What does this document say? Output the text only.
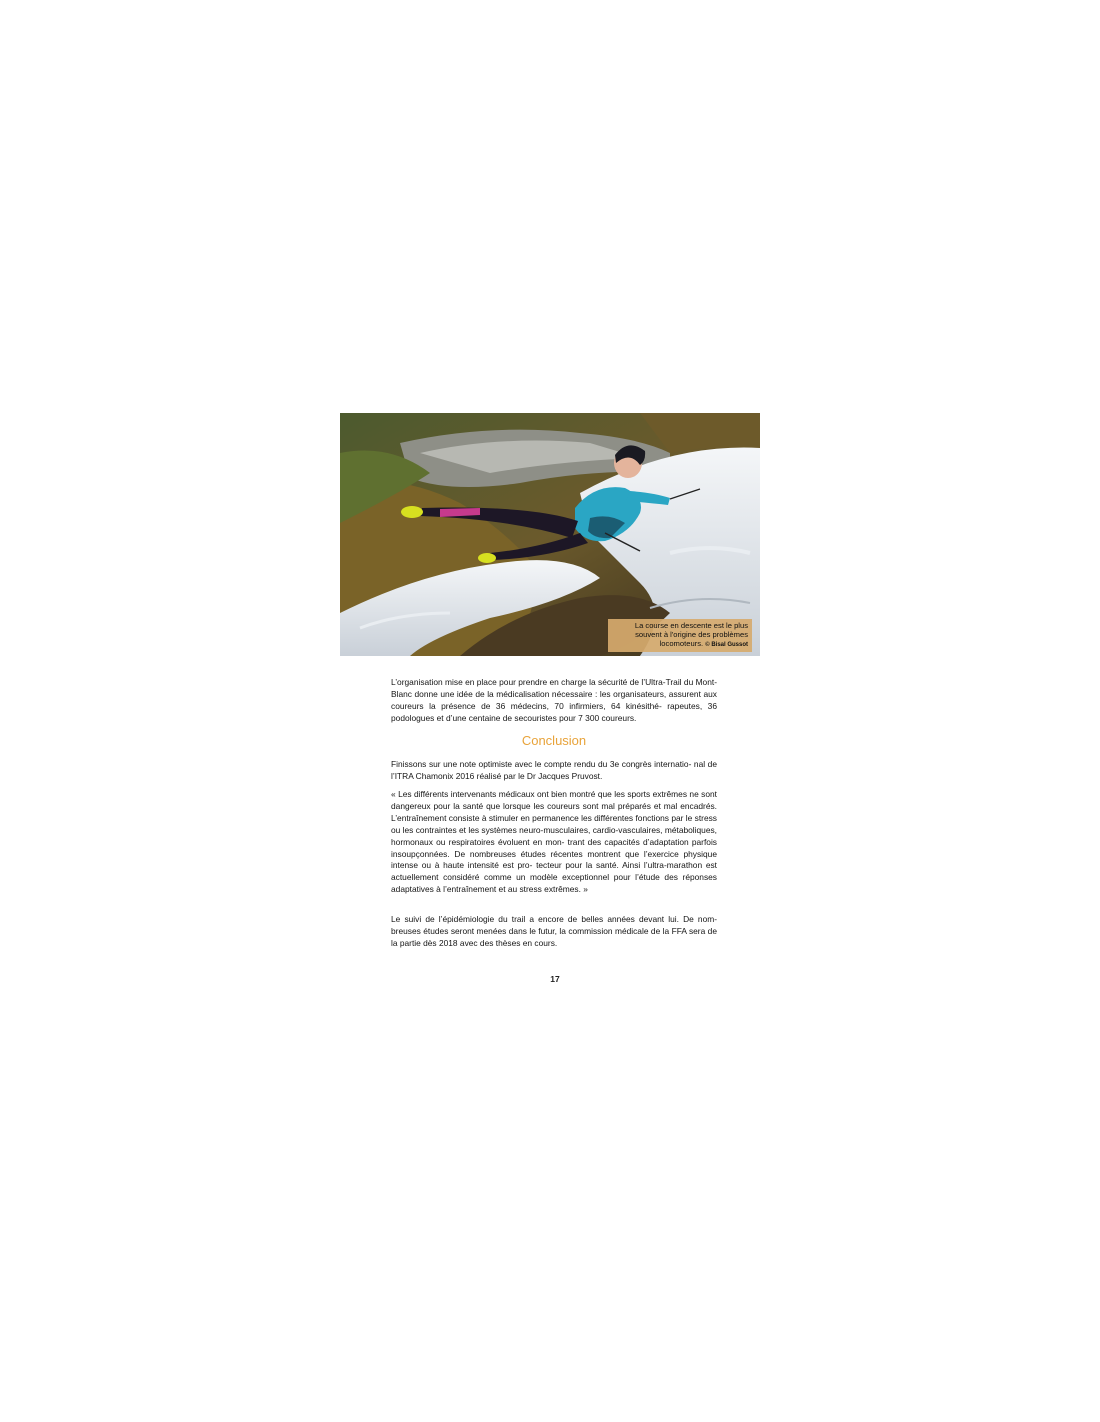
La course en descente est le plus souvent à l'origine des problèmes locomoteurs. © Bisal Gussot

L’organisation mise en place pour prendre en charge la sécurité de l’Ultra-Trail du Mont-Blanc donne une idée de la médicalisation nécessaire : les organisateurs, assurent aux coureurs la présence de 36 médecins, 70 infirmiers, 64 kinésithé- rapeutes, 36 podologues et d’une centaine de secouristes pour 7 300 coureurs.

Conclusion

Finissons sur une note optimiste avec le compte rendu du 3e congrès internatio- nal de l’ITRA Chamonix 2016 réalisé par le Dr Jacques Pruvost.

« Les différents intervenants médicaux ont bien montré que les sports extrêmes ne sont dangereux pour la santé que lorsque les coureurs sont mal préparés et mal encadrés. L’entraînement consiste à stimuler en permanence les différentes fonctions par le stress ou les contraintes et les systèmes neuro-musculaires, cardio-vasculaires, métaboliques, hormonaux ou respiratoires évoluent en mon- trant des capacités d’adaptation parfois insoupçonnées. De nombreuses études récentes montrent que l’exercice physique intense ou à haute intensité est pro- tecteur pour la santé. Ainsi l’ultra-marathon est actuellement considéré comme un modèle exceptionnel pour l’étude des réponses adaptatives à l’entraînement et au stress extrêmes. »

Le suivi de l’épidémiologie du trail a encore de belles années devant lui. De nom- breuses études seront menées dans le futur, la commission médicale de la FFA sera de la partie dès 2018 avec des thèses en cours.

17
